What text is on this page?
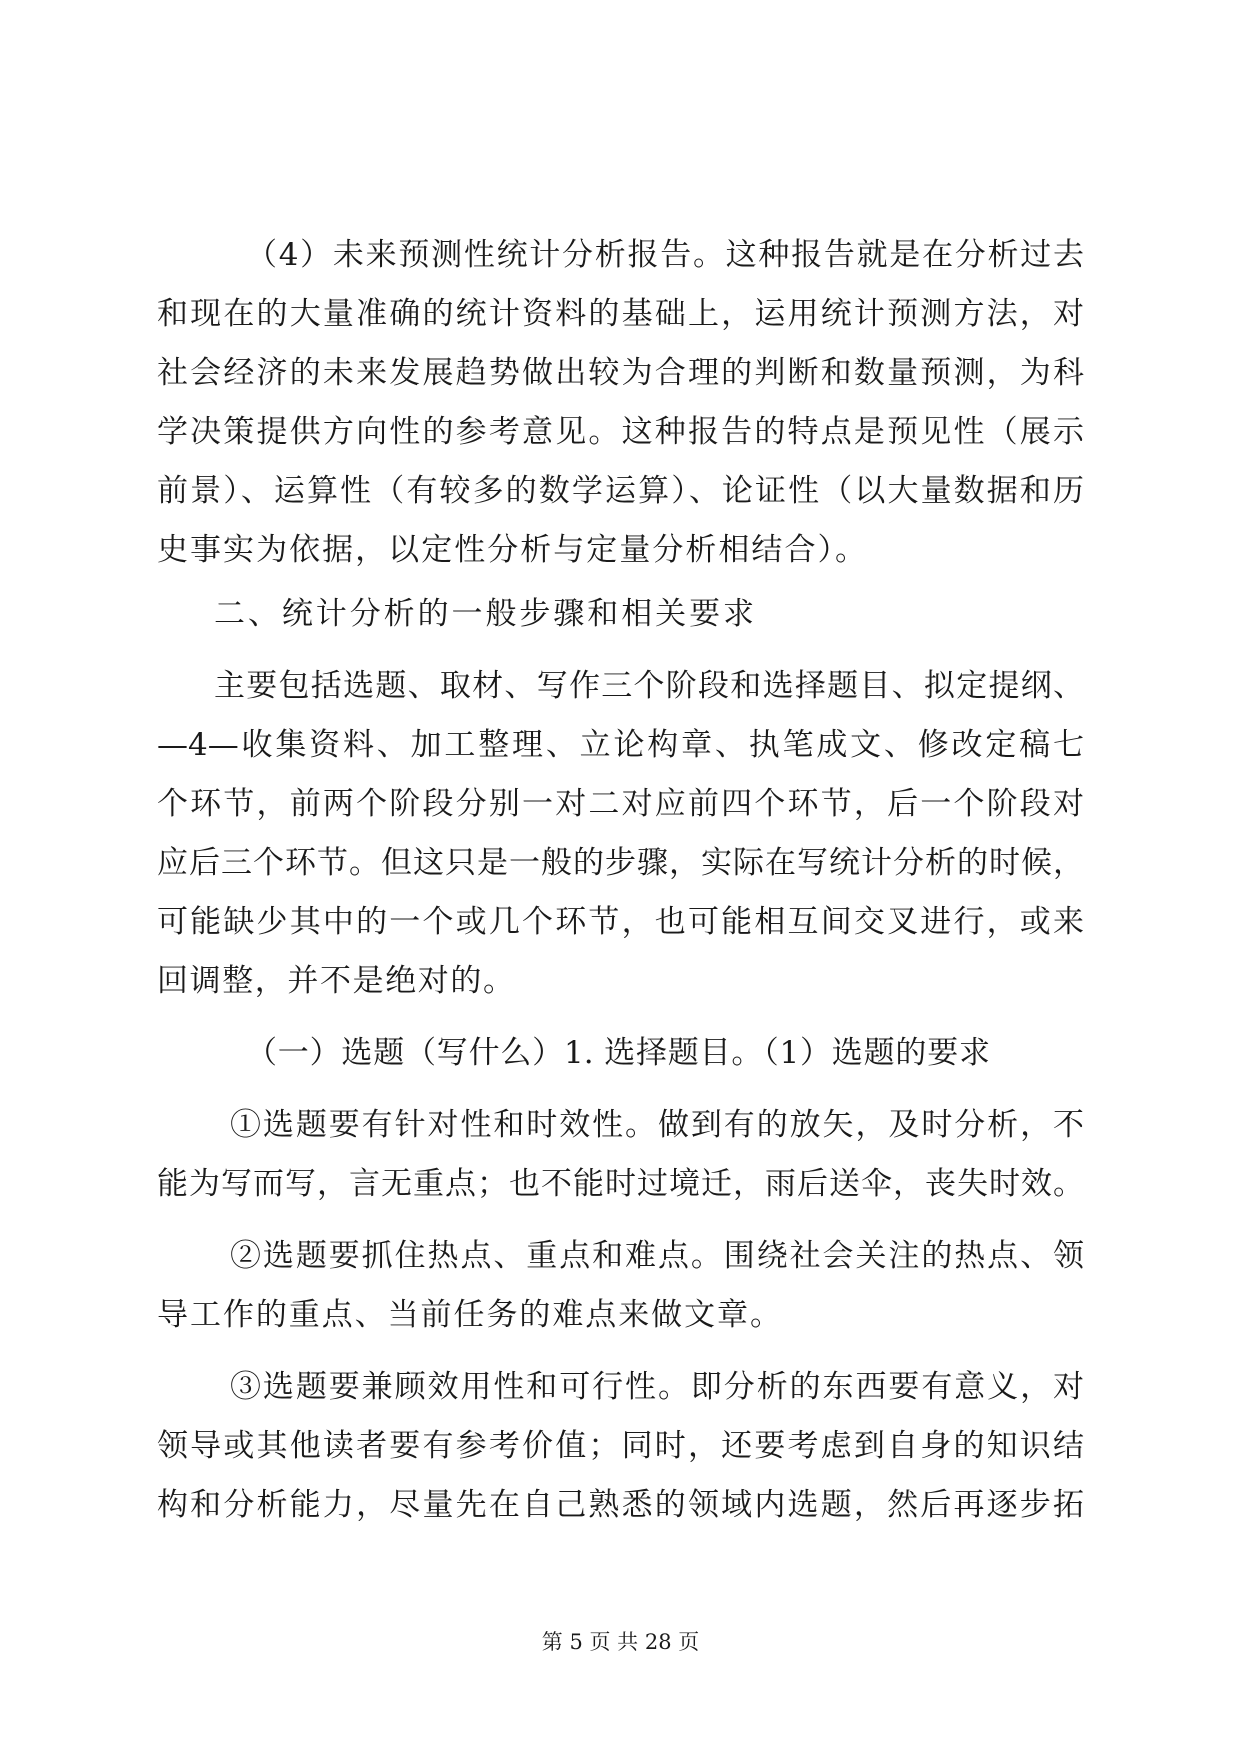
（4）未来预测性统计分析报告。这种报告就是在分析过去
和现在的大量准确的统计资料的基础上，运用统计预测方法，对
社会经济的未来发展趋势做出较为合理的判断和数量预测，为科
学决策提供方向性的参考意见。这种报告的特点是预见性（展示
前景）、运算性（有较多的数学运算）、论证性（以大量数据和历
史事实为依据，以定性分析与定量分析相结合）。
二、统计分析的一般步骤和相关要求
主要包括选题、取材、写作三个阶段和选择题目、拟定提纲、
—4—收集资料、加工整理、立论构章、执笔成文、修改定稿七
个环节，前两个阶段分别一对二对应前四个环节，后一个阶段对
应后三个环节。但这只是一般的步骤，实际在写统计分析的时候，
可能缺少其中的一个或几个环节，也可能相互间交叉进行，或来
回调整，并不是绝对的。
（一）选题（写什么）1. 选择题目。（1）选题的要求
①选题要有针对性和时效性。做到有的放矢，及时分析，不
能为写而写，言无重点；也不能时过境迁，雨后送伞，丧失时效。
②选题要抓住热点、重点和难点。围绕社会关注的热点、领
导工作的重点、当前任务的难点来做文章。
③选题要兼顾效用性和可行性。即分析的东西要有意义，对
领导或其他读者要有参考价值；同时，还要考虑到自身的知识结
构和分析能力，尽量先在自己熟悉的领域内选题，然后再逐步拓
第 5 页 共 28 页
